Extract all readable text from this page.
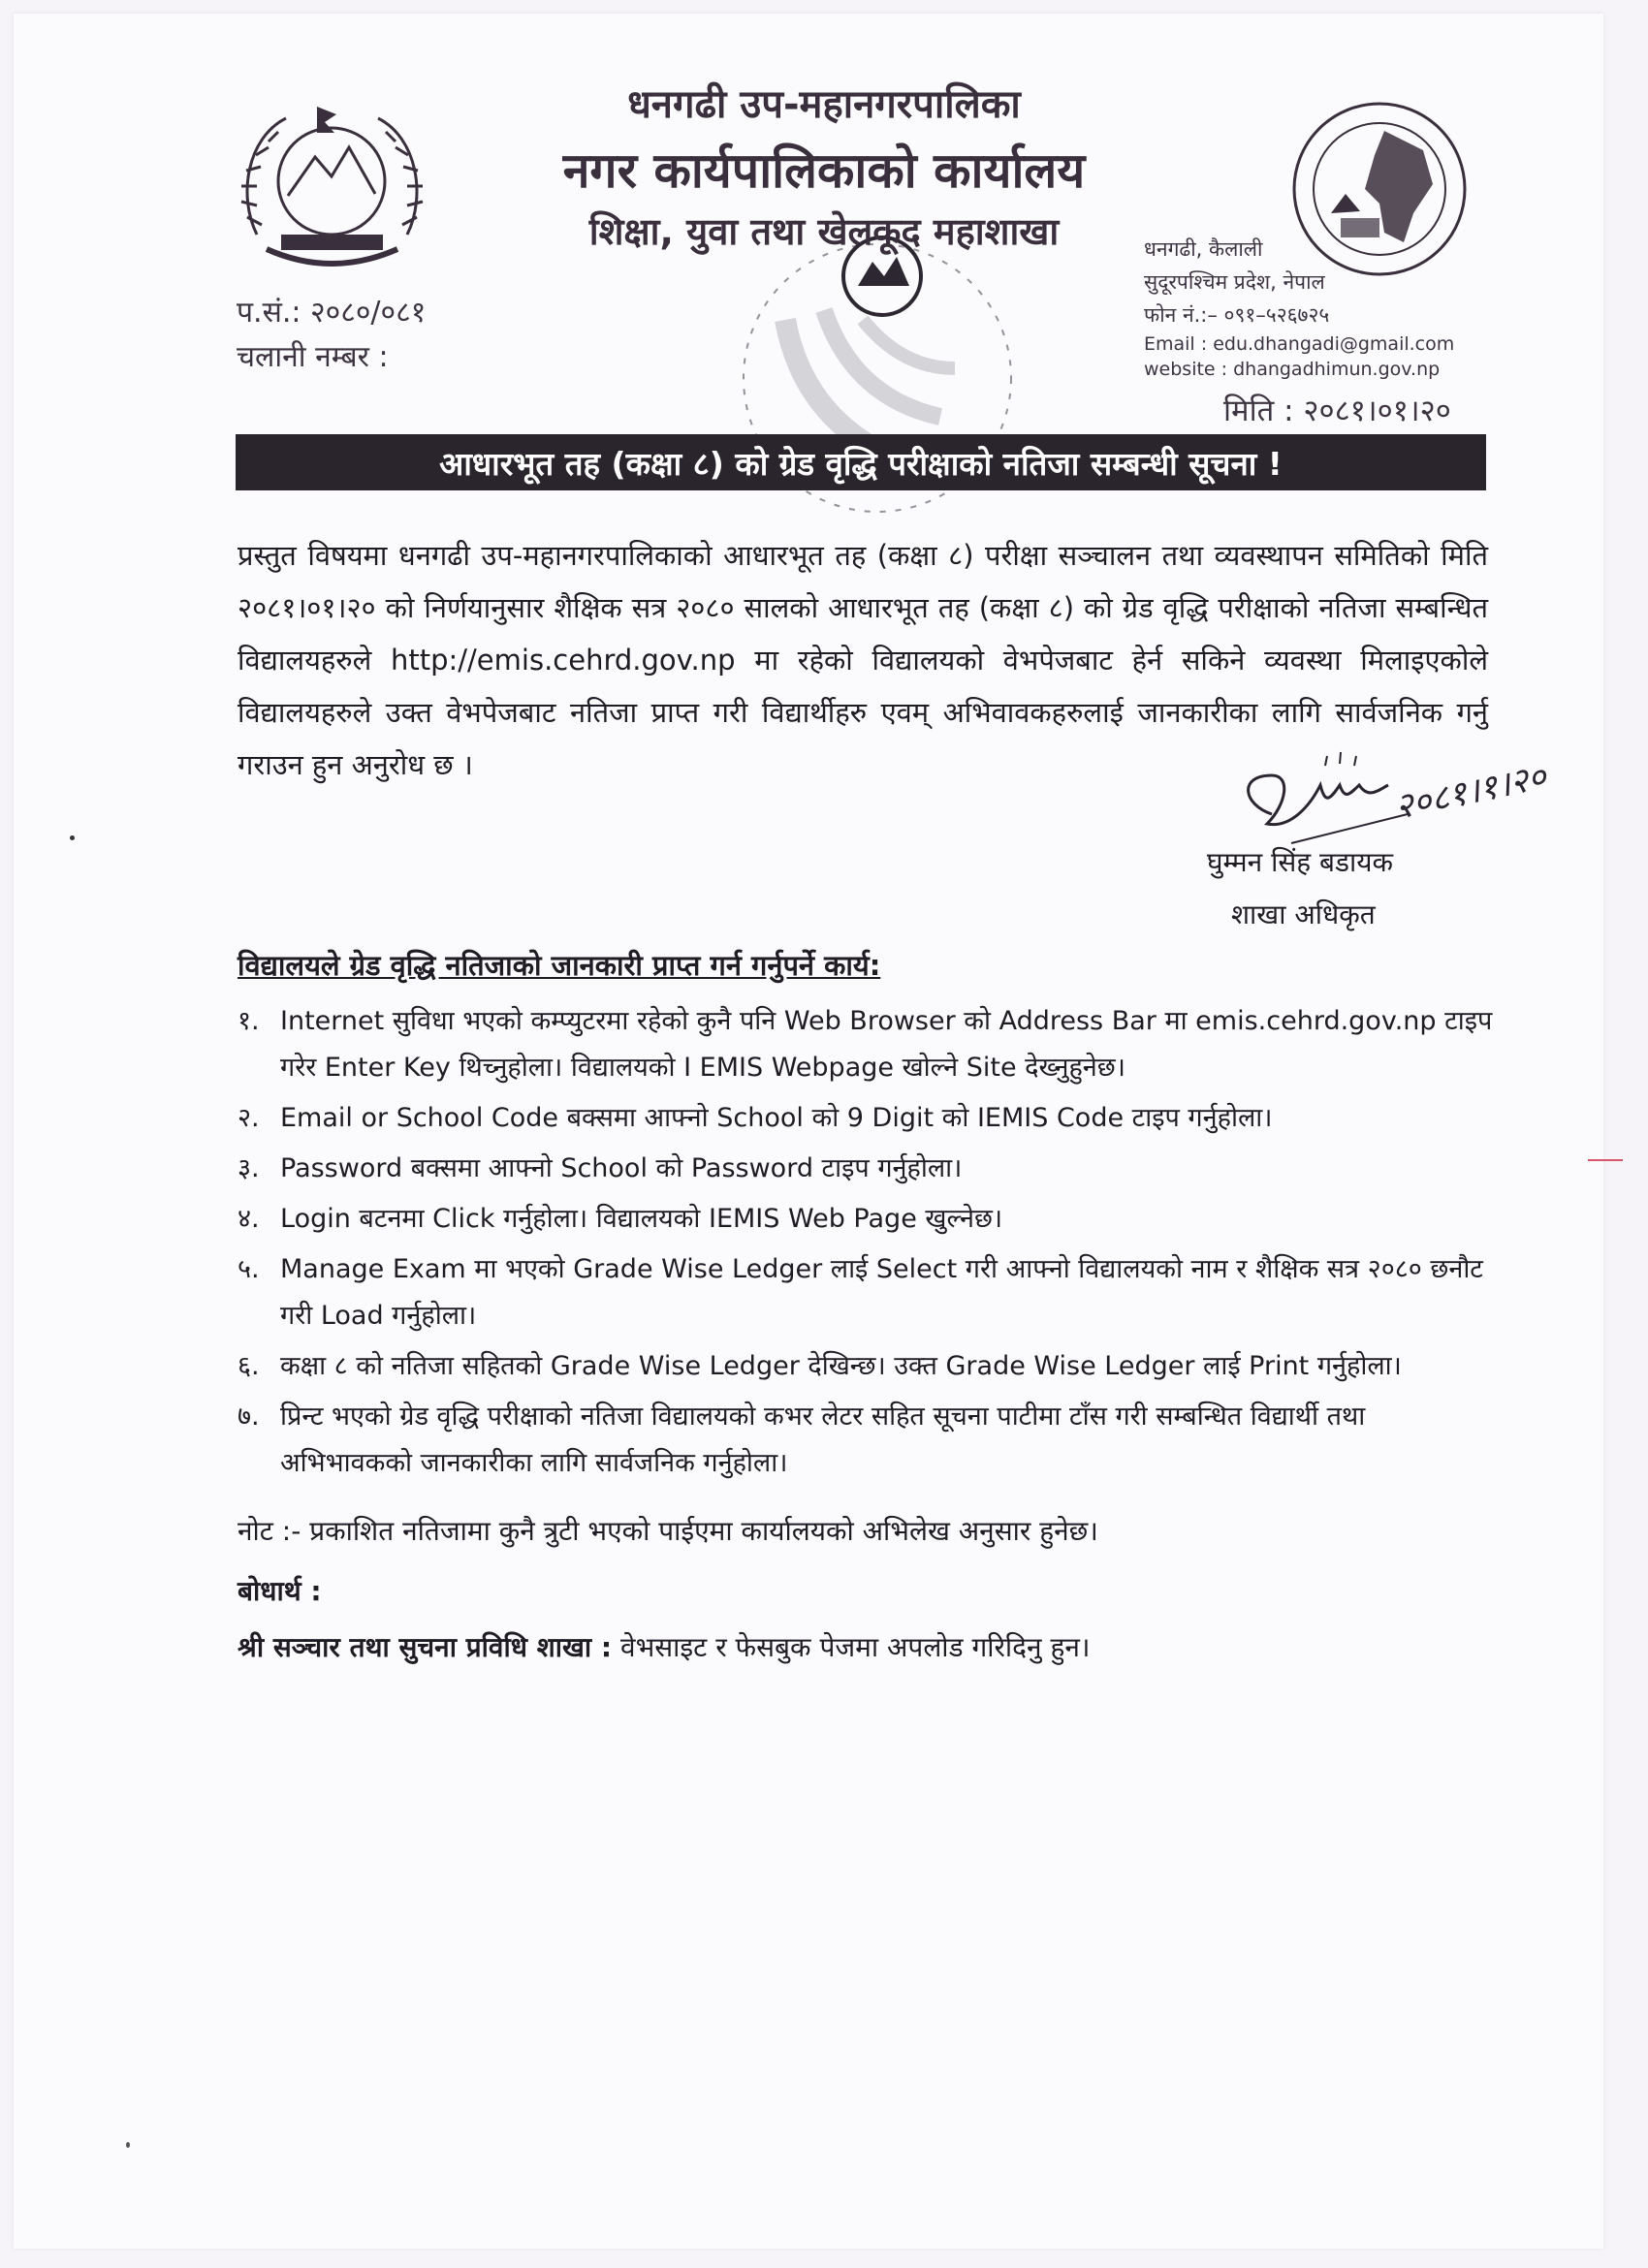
धनगढी उप-महानगरपालिका
नगर कार्यपालिकाको कार्यालय
शिक्षा, युवा तथा खेलकूद महाशाखा
प.सं.: २०८०/०८१
चलानी नम्बर :
धनगढी, कैलाली
सुदूरपश्चिम प्रदेश, नेपाल
फोन नं.:– ०९१–५२६७२५
Email : edu.dhangadi@gmail.com
website : dhangadhimun.gov.np
मिति : २०८१।०१।२०
आधारभूत तह (कक्षा ८) को ग्रेड वृद्धि परीक्षाको नतिजा सम्बन्धी सूचना !

प्रस्तुत विषयमा धनगढी उप-महानगरपालिकाको आधारभूत तह (कक्षा ८) परीक्षा सञ्चालन तथा व्यवस्थापन समितिको मिति २०८१।०१।२० को निर्णयानुसार शैक्षिक सत्र २०८० सालको आधारभूत तह (कक्षा ८) को ग्रेड वृद्धि परीक्षाको नतिजा सम्बन्धित विद्यालयहरुले http://emis.cehrd.gov.np मा रहेको विद्यालयको वेभपेजबाट हेर्न सकिने व्यवस्था मिलाइएकोले विद्यालयहरुले उक्त वेभपेजबाट नतिजा प्राप्त गरी विद्यार्थीहरु एवम् अभिवावकहरुलाई जानकारीका लागि सार्वजनिक गर्नु गराउन हुन अनुरोध छ ।	२०८१।१।२०
घुम्मन सिंह बडायक
शाखा अधिकृत
विद्यालयले ग्रेड वृद्धि नतिजाको जानकारी प्राप्त गर्न गर्नुपर्ने कार्य:
१. Internet सुविधा भएको कम्प्युटरमा रहेको कुनै पनि Web Browser को Address Bar मा emis.cehrd.gov.np टाइप गरेर Enter Key थिच्नुहोला। विद्यालयको I EMIS Webpage खोल्ने Site देख्नुहुनेछ।
२. Email or School Code बक्समा आफ्नो School को 9 Digit को IEMIS Code टाइप गर्नुहोला।
३. Password बक्समा आफ्नो School को Password टाइप गर्नुहोला।
४. Login बटनमा Click गर्नुहोला। विद्यालयको IEMIS Web Page खुल्नेछ।
५. Manage Exam मा भएको Grade Wise Ledger लाई Select गरी आफ्नो विद्यालयको नाम र शैक्षिक सत्र २०८० छनौट गरी Load गर्नुहोला।
६. कक्षा ८ को नतिजा सहितको Grade Wise Ledger देखिन्छ। उक्त Grade Wise Ledger लाई Print गर्नुहोला।
७. प्रिन्ट भएको ग्रेड वृद्धि परीक्षाको नतिजा विद्यालयको कभर लेटर सहित सूचना पाटीमा टाँस गरी सम्बन्धित विद्यार्थी तथा अभिभावकको जानकारीका लागि सार्वजनिक गर्नुहोला।
नोट :- प्रकाशित नतिजामा कुनै त्रुटी भएको पाईएमा कार्यालयको अभिलेख अनुसार हुनेछ।
बोधार्थ :
श्री सञ्चार तथा सुचना प्रविधि शाखा : वेभसाइट र फेसबुक पेजमा अपलोड गरिदिनु हुन।
